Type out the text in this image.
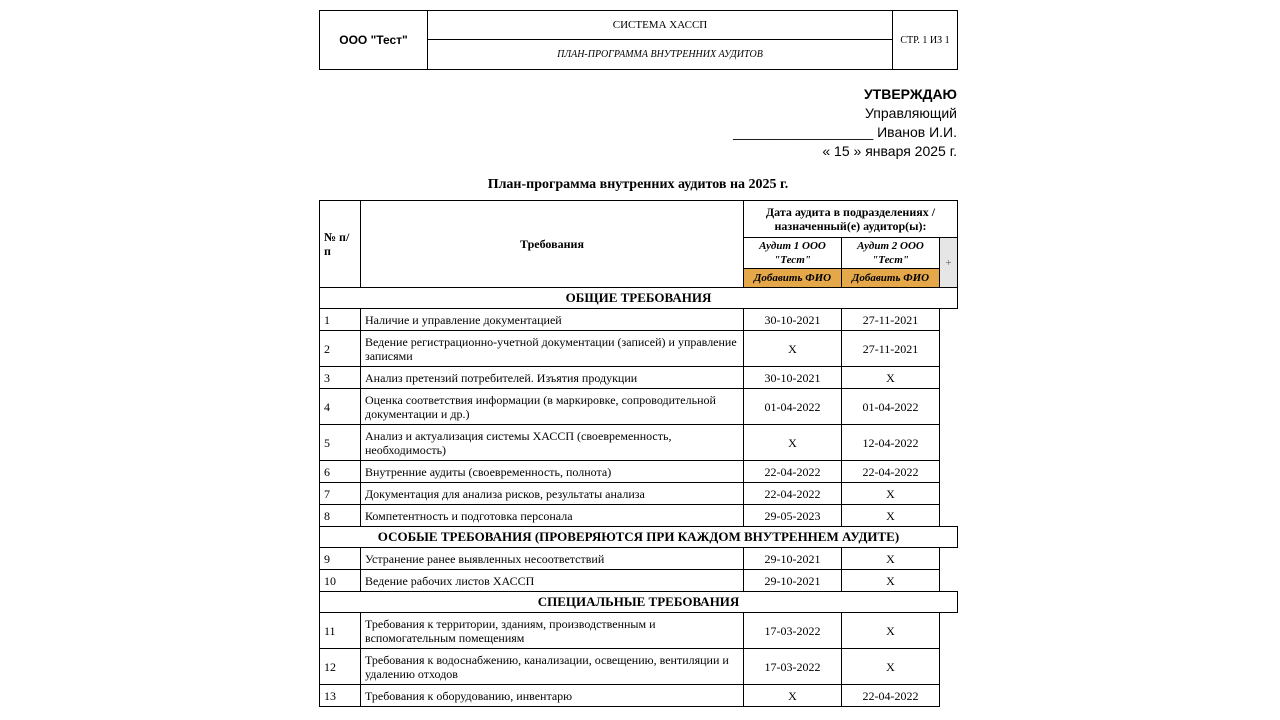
ООО "Тест"	СИСТЕМА ХАССП	СТР. 1 ИЗ 1
ПЛАН-ПРОГРАММА ВНУТРЕННИХ АУДИТОВ
УТВЕРЖДАЮ
Управляющий
__________________ Иванов И.И.
« 15 » января 2025 г.
План-программа внутренних аудитов на 2025 г.
№ п/п	Требования	Дата аудита в подразделениях / назначенный(е) аудитор(ы):		
		Аудит 1 ООО "Тест"	Аудит 2 ООО "Тест"	+
		Добавить ФИО	Добавить ФИО	
ОБЩИЕ ТРЕБОВАНИЯ				
1	Наличие и управление документацией	30-10-2021	27-11-2021	
2	Ведение регистрационно-учетной документации (записей) и управление записями	X	27-11-2021	
3	Анализ претензий потребителей. Изъятия продукции	30-10-2021	X	
4	Оценка соответствия информации (в маркировке, сопроводительной документации и др.)	01-04-2022	01-04-2022	
5	Анализ и актуализация системы ХАССП (своевременность, необходимость)	X	12-04-2022	
6	Внутренние аудиты (своевременность, полнота)	22-04-2022	22-04-2022	
7	Документация для анализа рисков, результаты анализа	22-04-2022	X	
8	Компетентность и подготовка персонала	29-05-2023	X	
ОСОБЫЕ ТРЕБОВАНИЯ (ПРОВЕРЯЮТСЯ ПРИ КАЖДОМ ВНУТРЕННЕМ АУДИТЕ)				
9	Устранение ранее выявленных несоответствий	29-10-2021	X	
10	Ведение рабочих листов ХАССП	29-10-2021	X	
СПЕЦИАЛЬНЫЕ ТРЕБОВАНИЯ				
11	Требования к территории, зданиям, производственным и вспомогательным помещениям	17-03-2022	X	
12	Требования к водоснабжению, канализации, освещению, вентиляции и удалению отходов	17-03-2022	X	
13	Требования к оборудованию, инвентарю	X	22-04-2022	
